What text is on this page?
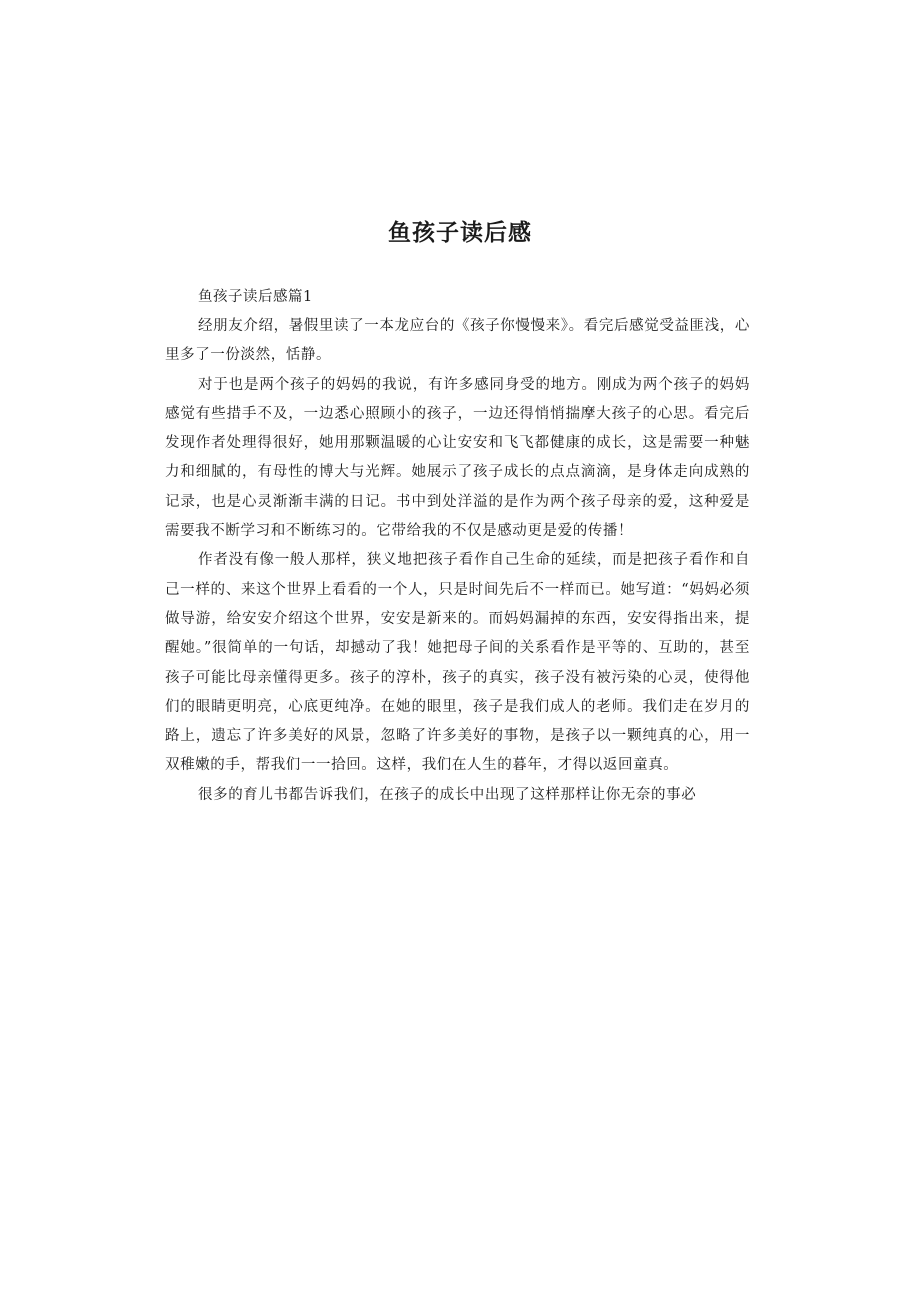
鱼孩子读后感

鱼孩子读后感篇1

经朋友介绍，暑假里读了一本龙应台的《孩子你慢慢来》。看完后感觉受益匪浅，心里多了一份淡然，恬静。

对于也是两个孩子的妈妈的我说，有许多感同身受的地方。刚成为两个孩子的妈妈感觉有些措手不及，一边悉心照顾小的孩子，一边还得悄悄揣摩大孩子的心思。看完后发现作者处理得很好，她用那颗温暖的心让安安和飞飞都健康的成长，这是需要一种魅力和细腻的，有母性的博大与光辉。她展示了孩子成长的点点滴滴，是身体走向成熟的记录，也是心灵渐渐丰满的日记。书中到处洋溢的是作为两个孩子母亲的爱，这种爱是需要我不断学习和不断练习的。它带给我的不仅是感动更是爱的传播！

作者没有像一般人那样，狭义地把孩子看作自己生命的延续，而是把孩子看作和自己一样的、来这个世界上看看的一个人，只是时间先后不一样而已。她写道：“妈妈必须做导游，给安安介绍这个世界，安安是新来的。而妈妈漏掉的东西，安安得指出来，提醒她。”很简单的一句话，却撼动了我！她把母子间的关系看作是平等的、互助的，甚至孩子可能比母亲懂得更多。孩子的淳朴，孩子的真实，孩子没有被污染的心灵，使得他们的眼睛更明亮，心底更纯净。在她的眼里，孩子是我们成人的老师。我们走在岁月的路上，遗忘了许多美好的风景，忽略了许多美好的事物，是孩子以一颗纯真的心，用一双稚嫩的手，帮我们一一拾回。这样，我们在人生的暮年，才得以返回童真。

很多的育儿书都告诉我们，在孩子的成长中出现了这样那样让你无奈的事必
